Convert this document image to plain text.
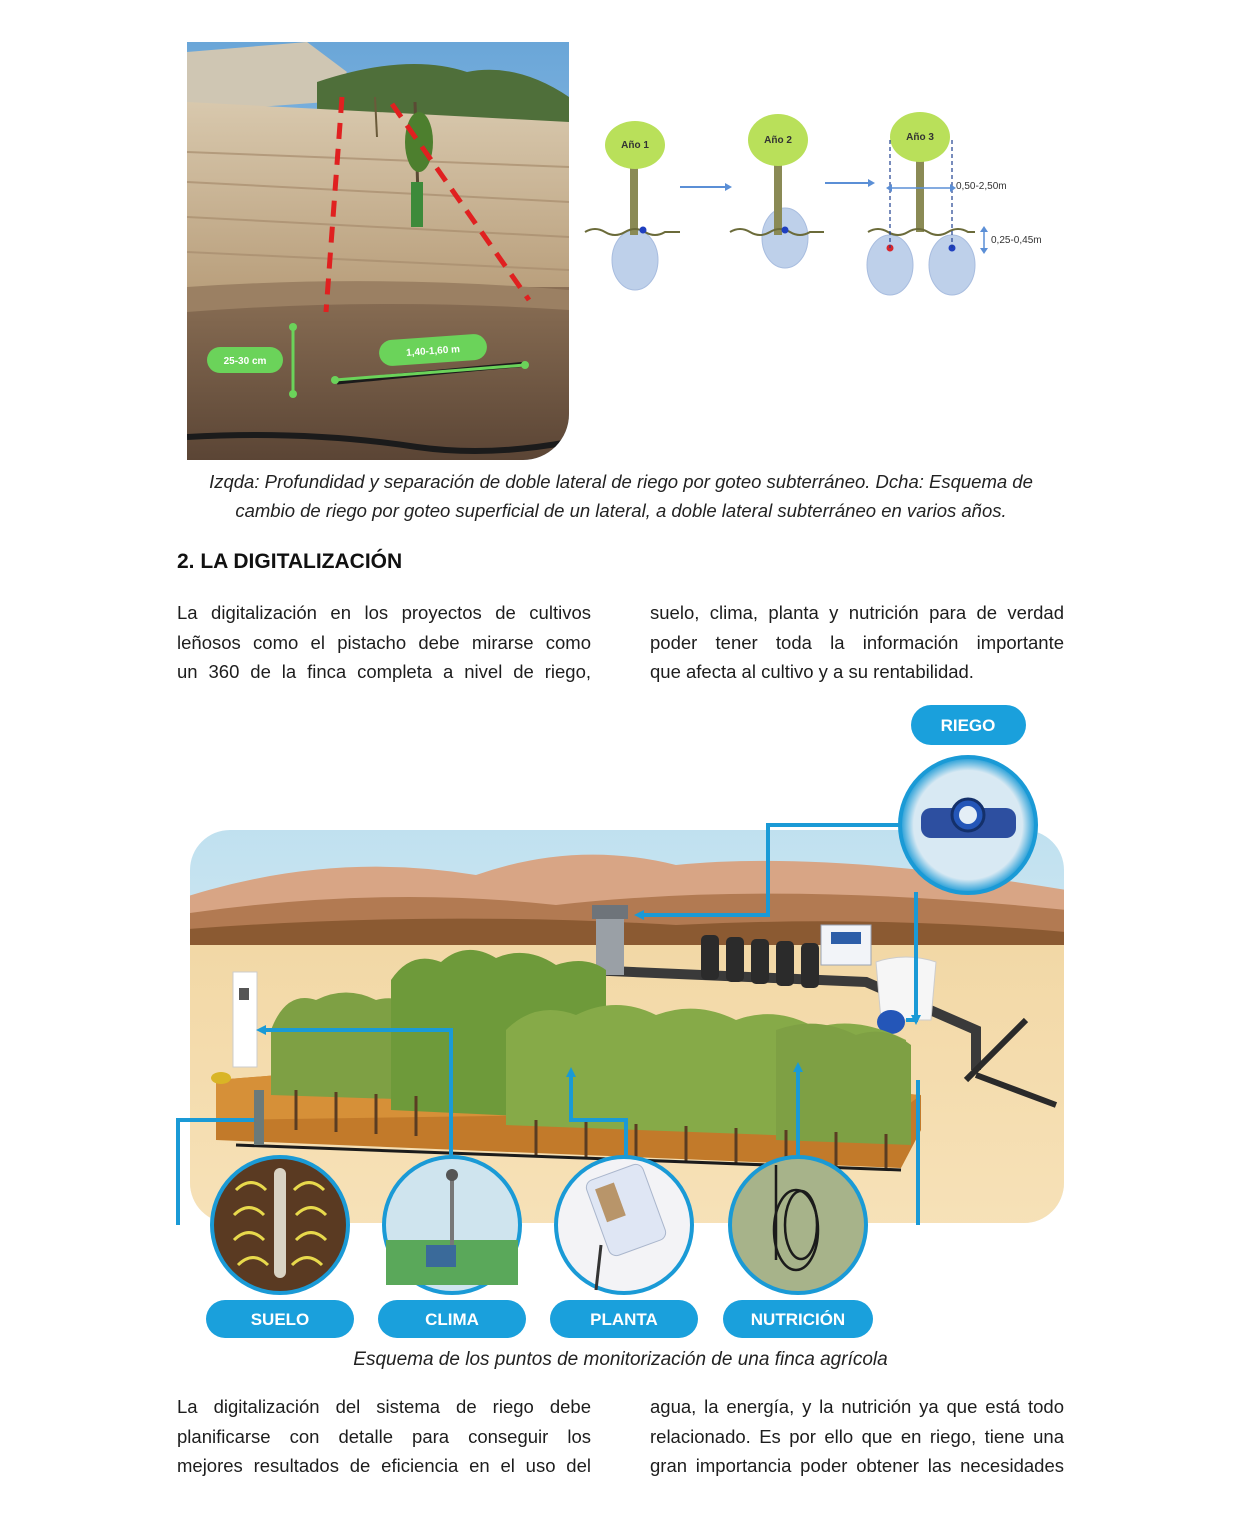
25-30 cm
1,40-1,60 m
Año 1	Año 2	Año 3
0,50-2,50m
0,25-0,45m
Izqda: Profundidad y separación de doble lateral de riego por goteo subterráneo. Dcha: Esquema de
cambio de riego por goteo superficial de un lateral, a doble lateral subterráneo en varios años.
2. LA DIGITALIZACIÓN
La digitalización en los proyectos de cultivos
leñosos como el pistacho debe mirarse como
un 360 de la finca completa a nivel de riego,
suelo, clima, planta y nutrición para de verdad
poder tener toda la información importante
que afecta al cultivo y a su rentabilidad.
RIEGO
SUELO	CLIMA	PLANTA	NUTRICIÓN
Esquema de los puntos de monitorización de una finca agrícola
La digitalización del sistema de riego debe
planificarse con detalle para conseguir los
mejores resultados de eficiencia en el uso del
agua, la energía, y la nutrición ya que está todo
relacionado. Es por ello que en riego, tiene una
gran importancia poder obtener las necesidades
